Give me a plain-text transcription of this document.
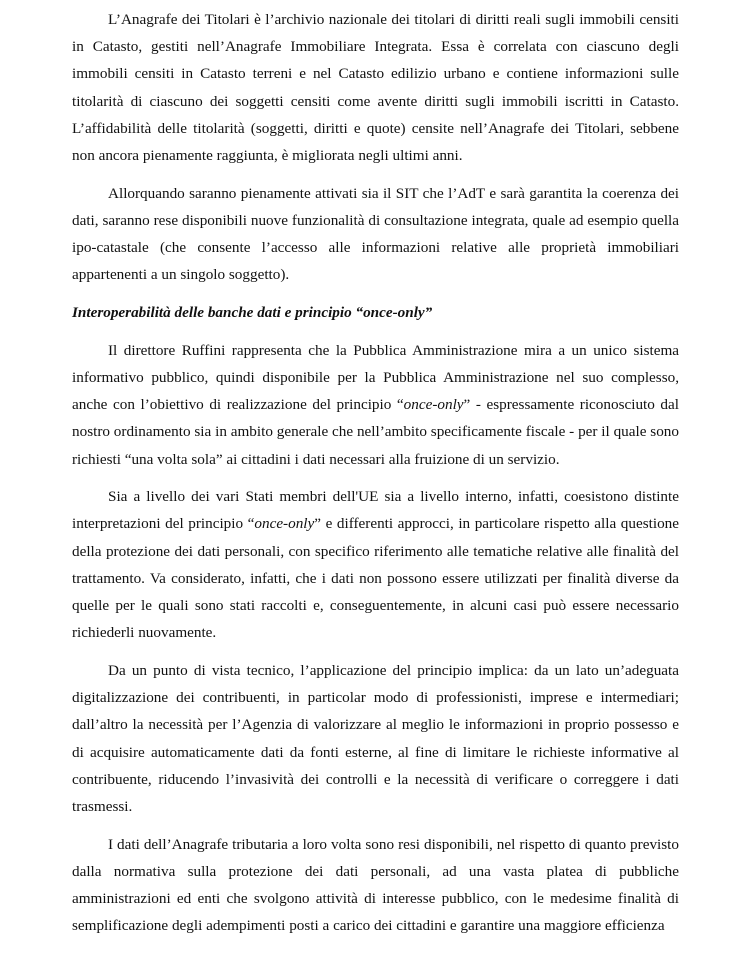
L’Anagrafe dei Titolari è l’archivio nazionale dei titolari di diritti reali sugli immobili censiti in Catasto, gestiti nell’Anagrafe Immobiliare Integrata. Essa è correlata con ciascuno degli immobili censiti in Catasto terreni e nel Catasto edilizio urbano e contiene informazioni sulle titolarità di ciascuno dei soggetti censiti come avente diritti sugli immobili iscritti in Catasto. L’affidabilità delle titolarità (soggetti, diritti e quote) censite nell’Anagrafe dei Titolari, sebbene non ancora pienamente raggiunta, è migliorata negli ultimi anni.

Allorquando saranno pienamente attivati sia il SIT che l’AdT e sarà garantita la coerenza dei dati, saranno rese disponibili nuove funzionalità di consultazione integrata, quale ad esempio quella ipo-catastale (che consente l’accesso alle informazioni relative alle proprietà immobiliari appartenenti a un singolo soggetto).

Interoperabilità delle banche dati e principio “once-only”

Il direttore Ruffini rappresenta che la Pubblica Amministrazione mira a un unico sistema informativo pubblico, quindi disponibile per la Pubblica Amministrazione nel suo complesso, anche con l’obiettivo di realizzazione del principio “once-only” - espressamente riconosciuto dal nostro ordinamento sia in ambito generale che nell’ambito specificamente fiscale - per il quale sono richiesti “una volta sola” ai cittadini i dati necessari alla fruizione di un servizio.

Sia a livello dei vari Stati membri dell'UE sia a livello interno, infatti, coesistono distinte interpretazioni del principio “once-only” e differenti approcci, in particolare rispetto alla questione della protezione dei dati personali, con specifico riferimento alle tematiche relative alle finalità del trattamento. Va considerato, infatti, che i dati non possono essere utilizzati per finalità diverse da quelle per le quali sono stati raccolti e, conseguentemente, in alcuni casi può essere necessario richiederli nuovamente.

Da un punto di vista tecnico, l’applicazione del principio implica: da un lato un’adeguata digitalizzazione dei contribuenti, in particolar modo di professionisti, imprese e intermediari; dall’altro la necessità per l’Agenzia di valorizzare al meglio le informazioni in proprio possesso e di acquisire automaticamente dati da fonti esterne, al fine di limitare le richieste informative al contribuente, riducendo l’invasività dei controlli e la necessità di verificare o correggere i dati trasmessi.

I dati dell’Anagrafe tributaria a loro volta sono resi disponibili, nel rispetto di quanto previsto dalla normativa sulla protezione dei dati personali, ad una vasta platea di pubbliche amministrazioni ed enti che svolgono attività di interesse pubblico, con le medesime finalità di semplificazione degli adempimenti posti a carico dei cittadini e garantire una maggiore efficienza
